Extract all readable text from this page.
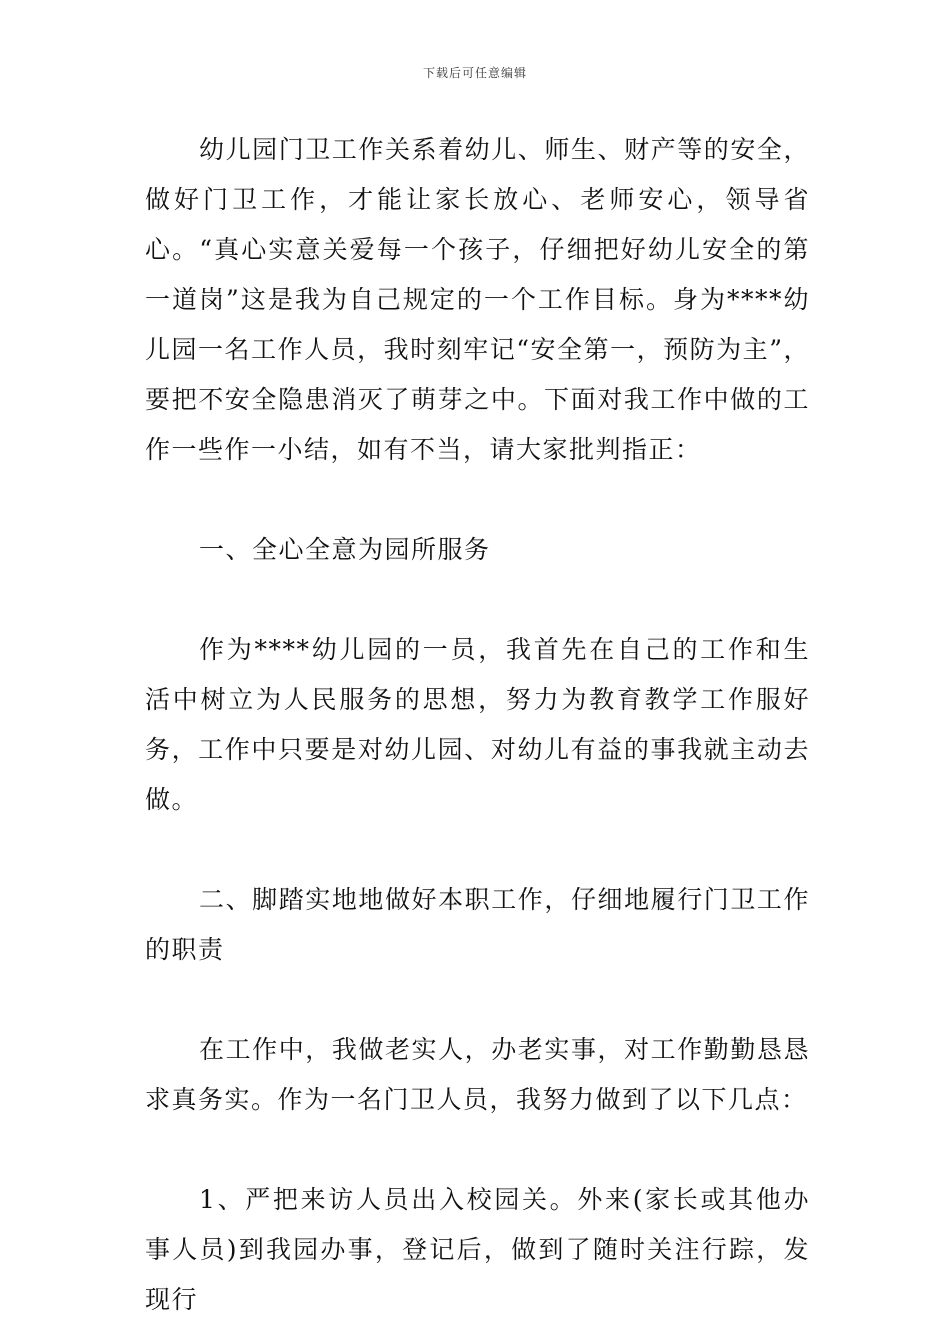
下载后可任意编辑

幼儿园门卫工作关系着幼儿、师生、财产等的安全，做好门卫工作，才能让家长放心、老师安心，领导省心。“真心实意关爱每一个孩子，仔细把好幼儿安全的第一道岗”这是我为自己规定的一个工作目标。身为****幼儿园一名工作人员，我时刻牢记“安全第一，预防为主”，要把不安全隐患消灭了萌芽之中。下面对我工作中做的工作一些作一小结，如有不当，请大家批判指正：

一、全心全意为园所服务

作为****幼儿园的一员，我首先在自己的工作和生活中树立为人民服务的思想，努力为教育教学工作服好务，工作中只要是对幼儿园、对幼儿有益的事我就主动去做。

二、脚踏实地地做好本职工作，仔细地履行门卫工作的职责

在工作中，我做老实人，办老实事，对工作勤勤恳恳求真务实。作为一名门卫人员，我努力做到了以下几点：

1、严把来访人员出入校园关。外来(家长或其他办事人员)到我园办事，登记后，做到了随时关注行踪，发现行
